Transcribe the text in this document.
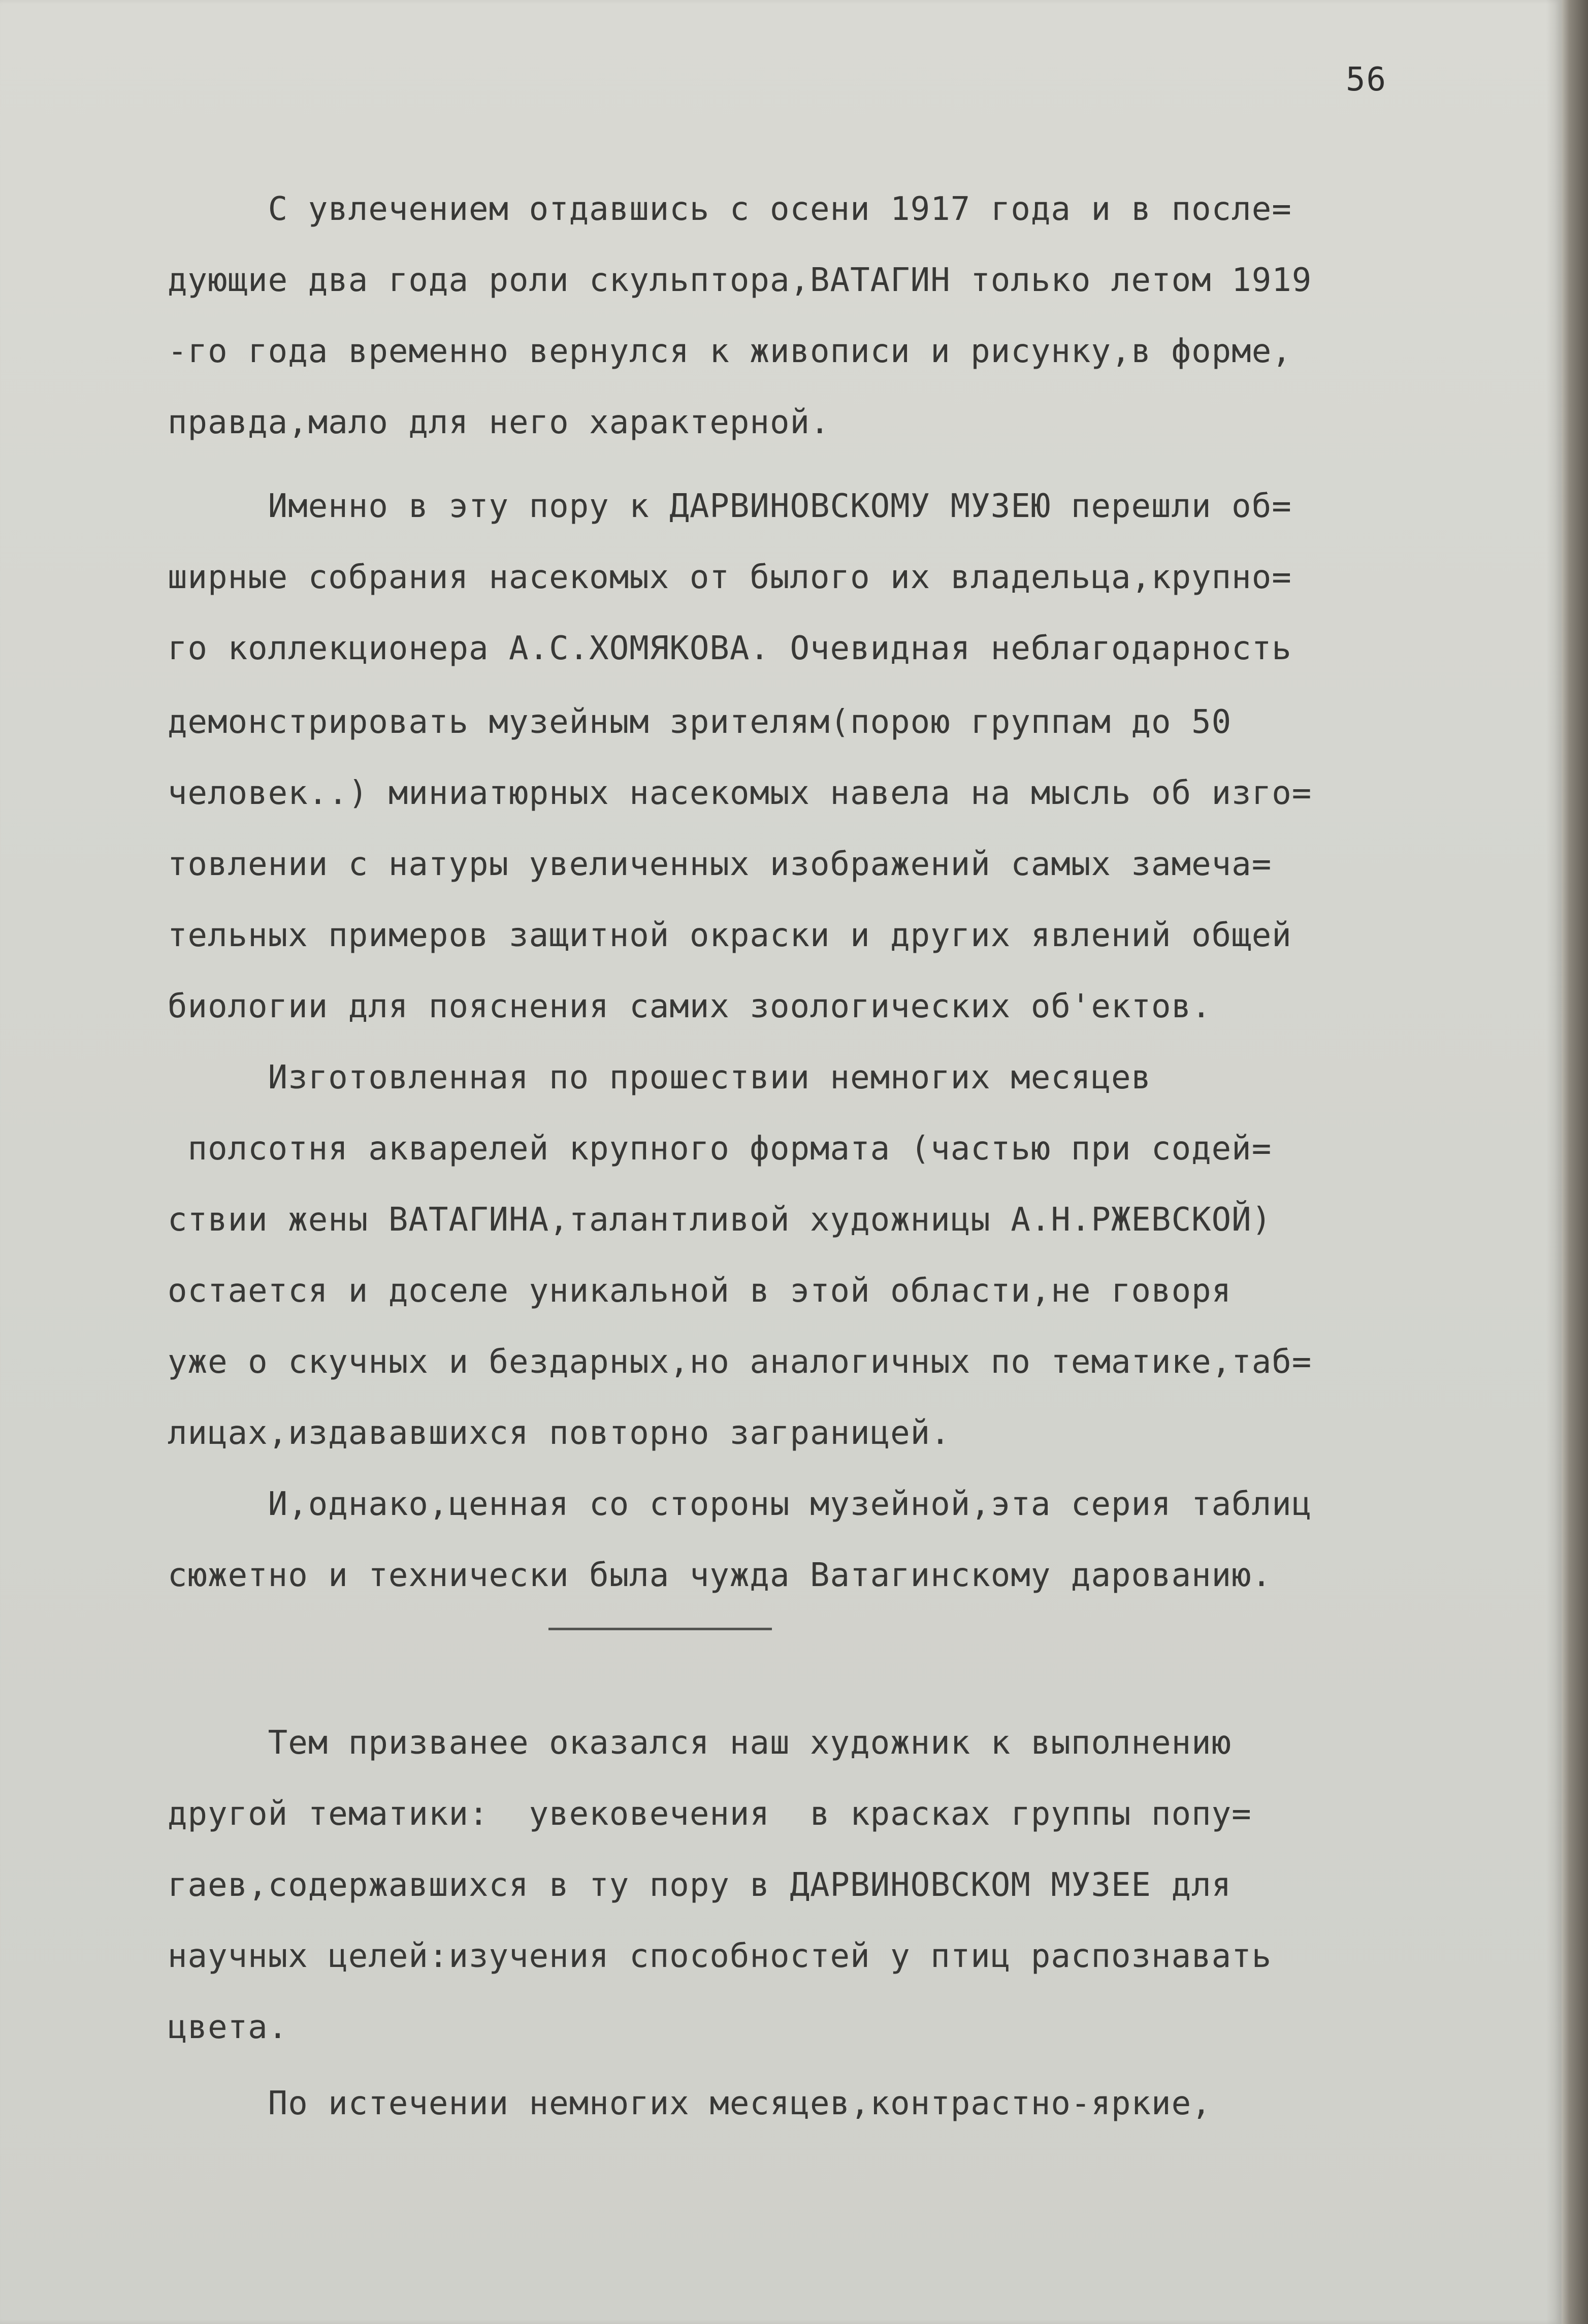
56
С увлечением отдавшись с осени 1917 года и в после=
дующие два года роли скульптора,ВАТАГИН только летом 1919
-го года временно вернулся к живописи и рисунку,в форме,
правда,мало для него характерной.
Именно в эту пору к ДАРВИНОВСКОМУ МУЗЕЮ перешли об=
ширные собрания насекомых от былого их владельца,крупно=
го коллекционера А.С.ХОМЯКОВА. Очевидная неблагодарность
демонстрировать музейным зрителям(порою группам до 50
человек..) миниатюрных насекомых навела на мысль об изго=
товлении с натуры увеличенных изображений самых замеча=
тельных примеров защитной окраски и других явлений общей
биологии для пояснения самих зоологических об'ектов.
Изготовленная по прошествии немногих месяцев
полсотня акварелей крупного формата (частью при содей=
ствии жены ВАТАГИНА,талантливой художницы А.Н.РЖЕВСКОЙ)
остается и доселе уникальной в этой области,не говоря
уже о скучных и бездарных,но аналогичных по тематике,таб=
лицах,издававшихся повторно заграницей.
И,однако,ценная со стороны музейной,эта серия таблиц
сюжетно и технически была чужда Ватагинскому дарованию.
Тем призванее оказался наш художник к выполнению
другой тематики:  увековечения  в красках группы попу=
гаев,содержавшихся в ту пору в ДАРВИНОВСКОМ МУЗЕЕ для
научных целей:изучения способностей у птиц распознавать
цвета.
По истечении немногих месяцев,контрастно-яркие,
